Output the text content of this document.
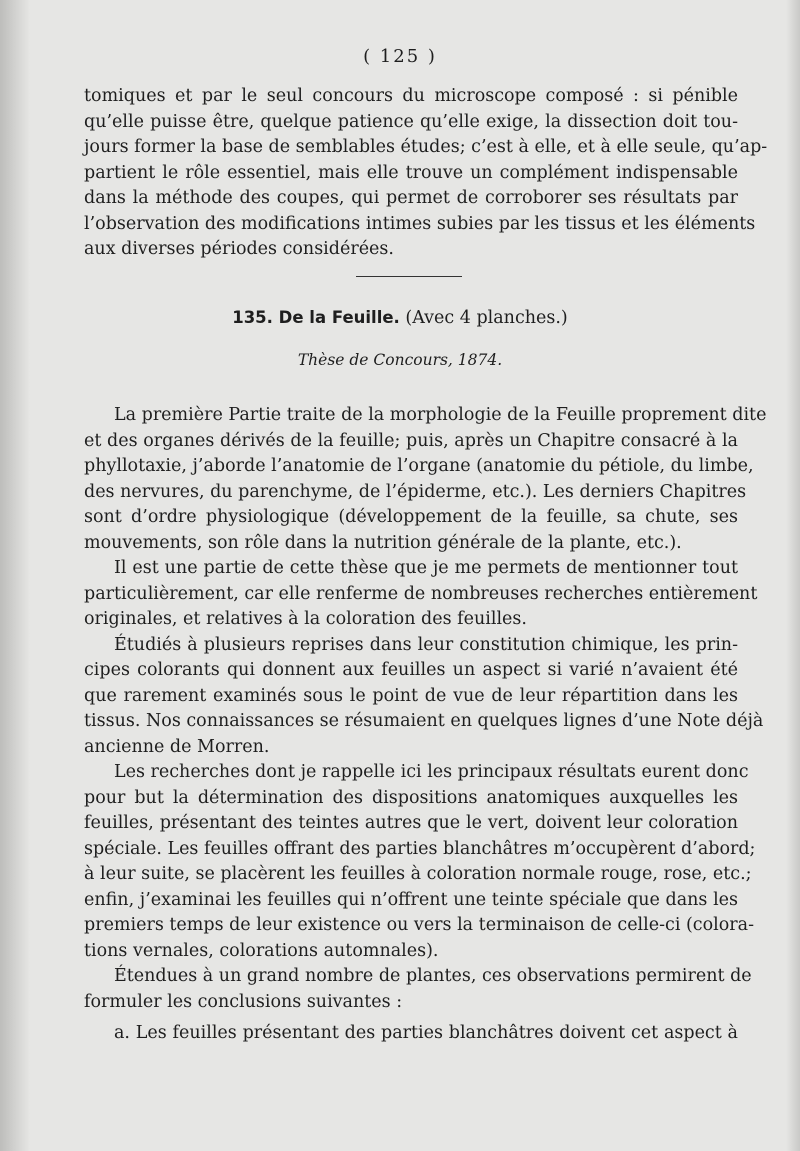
( 125 )
tomiques et par le seul concours du microscope composé : si pénible
qu’elle puisse être, quelque patience qu’elle exige, la dissection doit tou-
jours former la base de semblables études; c’est à elle, et à elle seule, qu’ap-
partient le rôle essentiel, mais elle trouve un complément indispensable
dans la méthode des coupes, qui permet de corroborer ses résultats par
l’observation des modifications intimes subies par les tissus et les éléments
aux diverses périodes considérées.
135. De la Feuille. (Avec 4 planches.)
Thèse de Concours, 1874.
La première Partie traite de la morphologie de la Feuille proprement dite
et des organes dérivés de la feuille; puis, après un Chapitre consacré à la
phyllotaxie, j’aborde l’anatomie de l’organe (anatomie du pétiole, du limbe,
des nervures, du parenchyme, de l’épiderme, etc.). Les derniers Chapitres
sont d’ordre physiologique (développement de la feuille, sa chute, ses
mouvements, son rôle dans la nutrition générale de la plante, etc.).
Il est une partie de cette thèse que je me permets de mentionner tout
particulièrement, car elle renferme de nombreuses recherches entièrement
originales, et relatives à la coloration des feuilles.
Étudiés à plusieurs reprises dans leur constitution chimique, les prin-
cipes colorants qui donnent aux feuilles un aspect si varié n’avaient été
que rarement examinés sous le point de vue de leur répartition dans les
tissus. Nos connaissances se résumaient en quelques lignes d’une Note déjà
ancienne de Morren.
Les recherches dont je rappelle ici les principaux résultats eurent donc
pour but la détermination des dispositions anatomiques auxquelles les
feuilles, présentant des teintes autres que le vert, doivent leur coloration
spéciale. Les feuilles offrant des parties blanchâtres m’occupèrent d’abord;
à leur suite, se placèrent les feuilles à coloration normale rouge, rose, etc.;
enfin, j’examinai les feuilles qui n’offrent une teinte spéciale que dans les
premiers temps de leur existence ou vers la terminaison de celle-ci (colora-
tions vernales, colorations automnales).
Étendues à un grand nombre de plantes, ces observations permirent de
formuler les conclusions suivantes :
a. Les feuilles présentant des parties blanchâtres doivent cet aspect à
